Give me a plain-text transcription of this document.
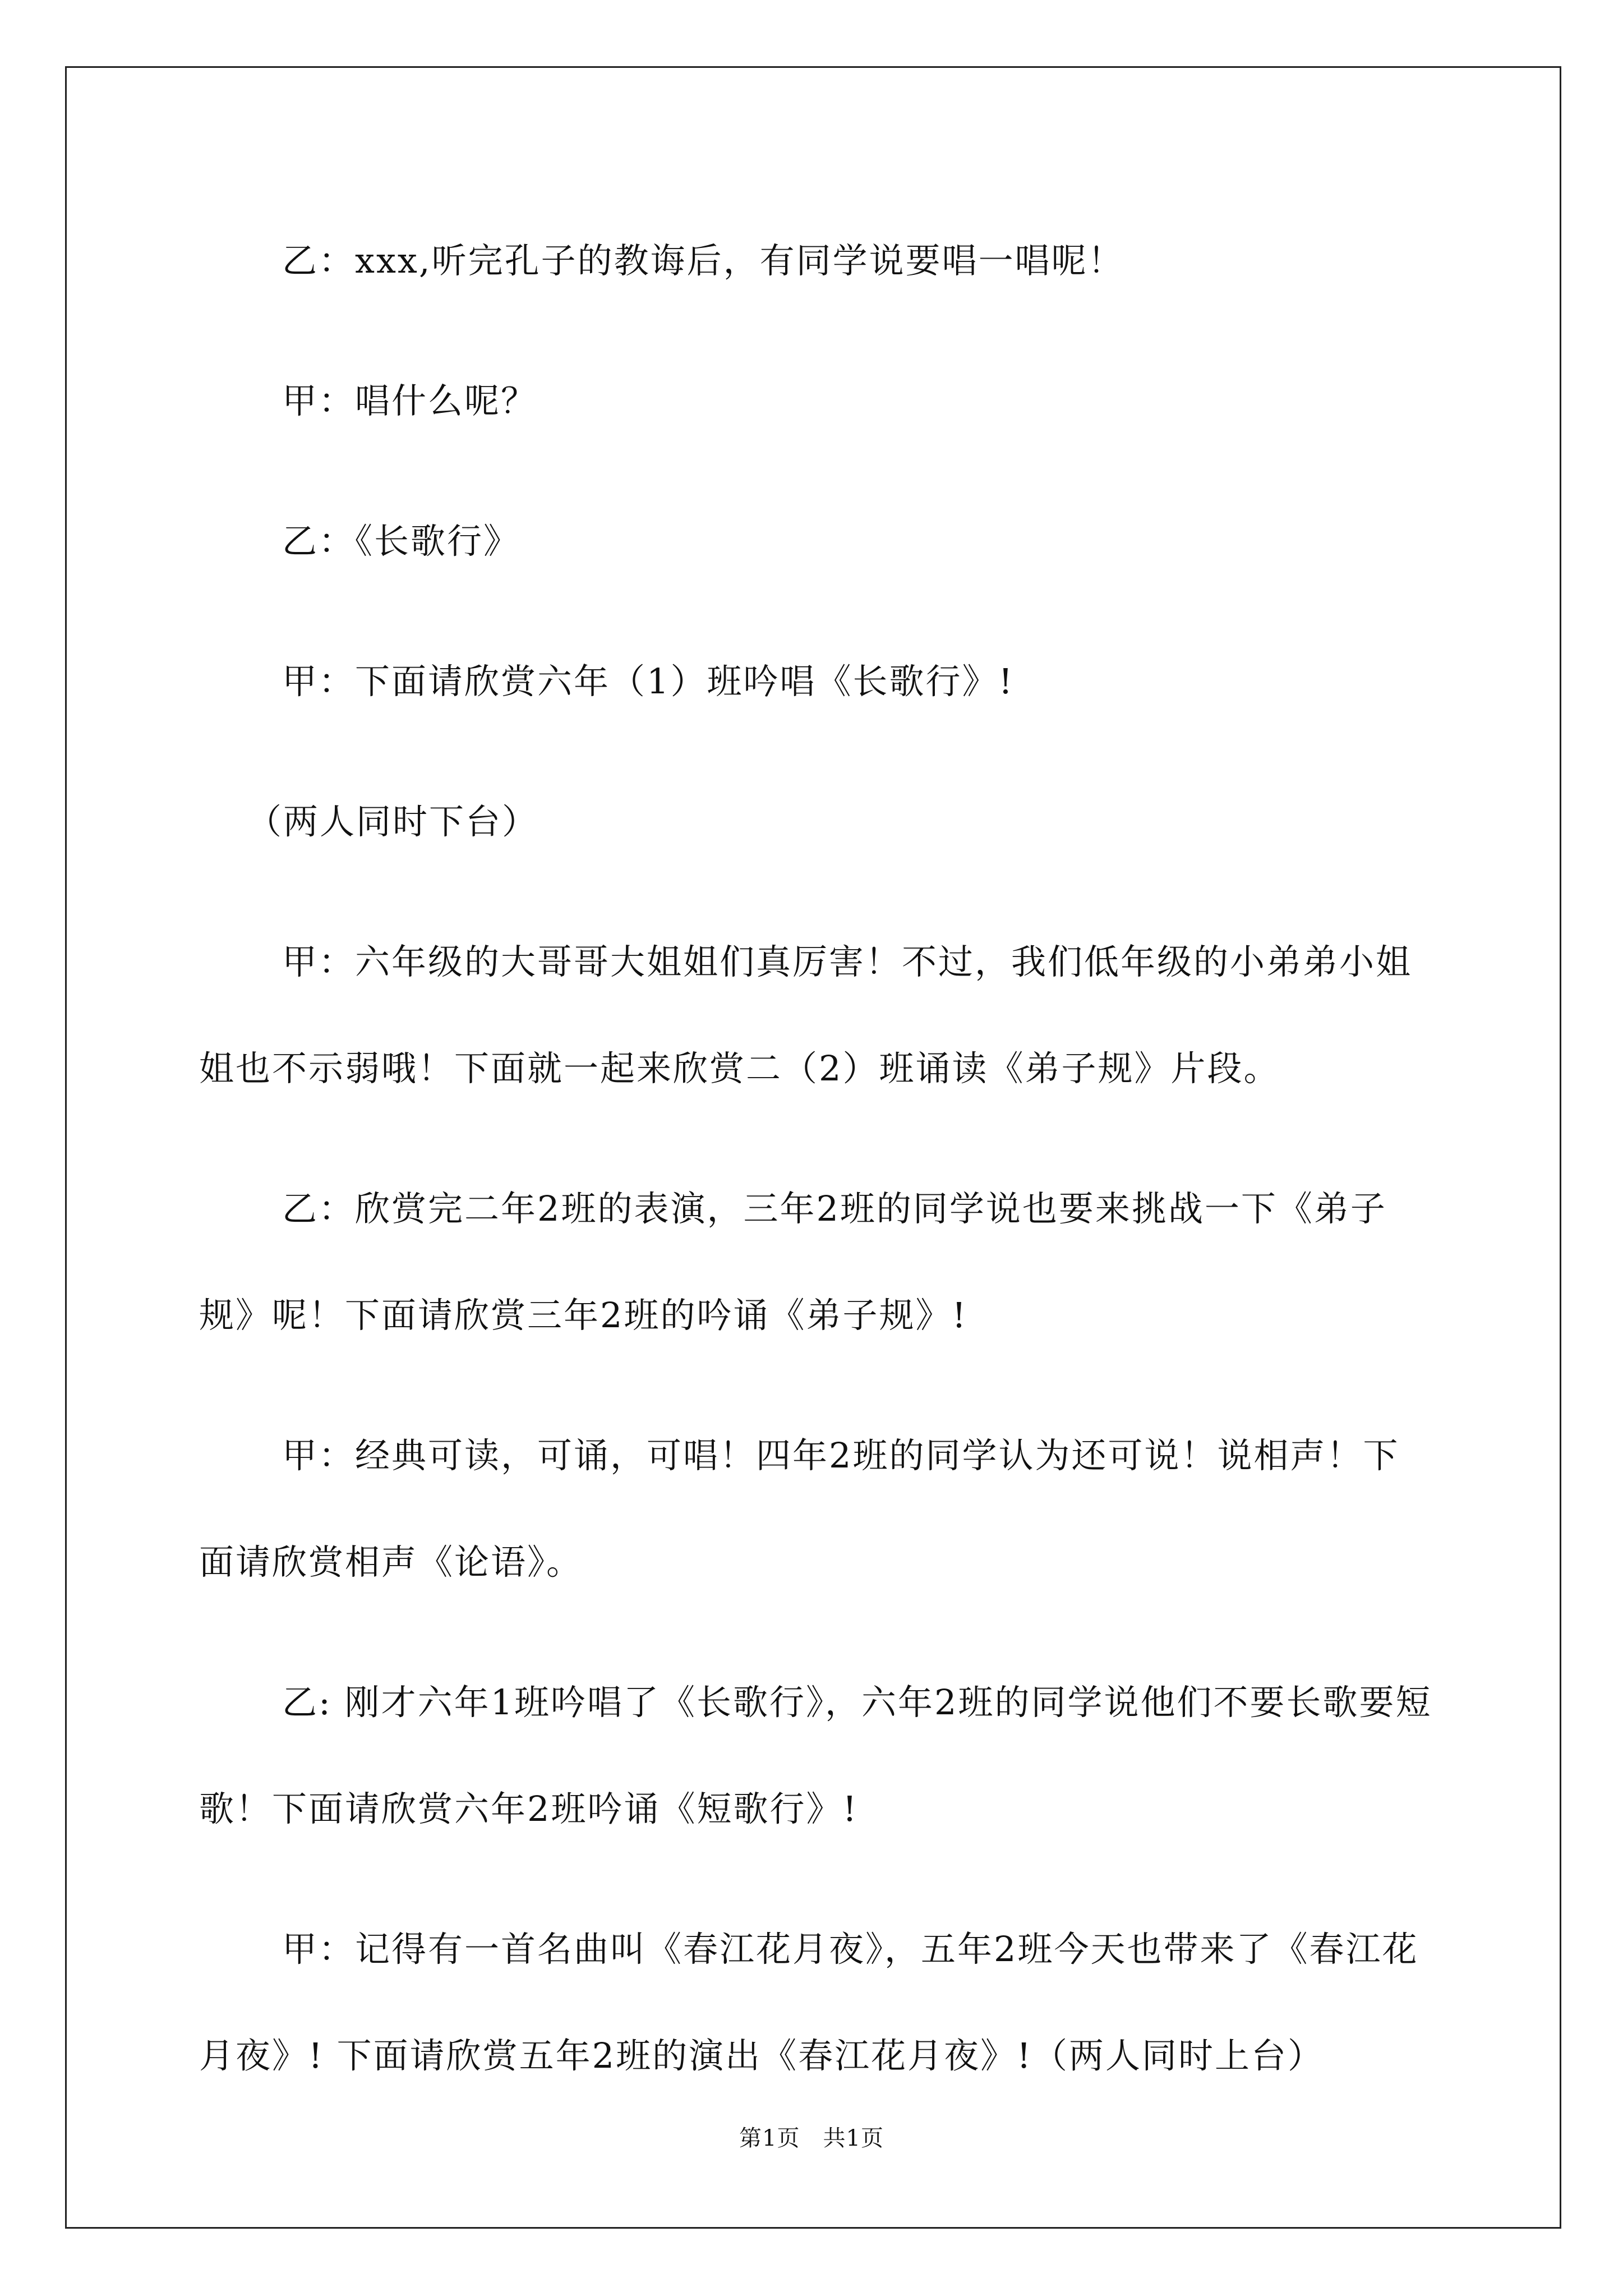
乙：xxx,听完孔子的教诲后，有同学说要唱一唱呢！

甲：唱什么呢？

乙：《长歌行》

甲：下面请欣赏六年（1）班吟唱《长歌行》!

（两人同时下台）

甲：六年级的大哥哥大姐姐们真厉害！不过，我们低年级的小弟弟小姐姐也不示弱哦！下面就一起来欣赏二（2）班诵读《弟子规》片段。

乙：欣赏完二年2班的表演，三年2班的同学说也要来挑战一下《弟子规》呢！下面请欣赏三年2班的吟诵《弟子规》!

甲：经典可读，可诵，可唱！四年2班的同学认为还可说！说相声！下面请欣赏相声《论语》。

乙: 刚才六年1班吟唱了《长歌行》，六年2班的同学说他们不要长歌要短歌！下面请欣赏六年2班吟诵《短歌行》!

甲：记得有一首名曲叫《春江花月夜》，五年2班今天也带来了《春江花月夜》! 下面请欣赏五年2班的演出《春江花月夜》!（两人同时上台）

第1页　共1页
